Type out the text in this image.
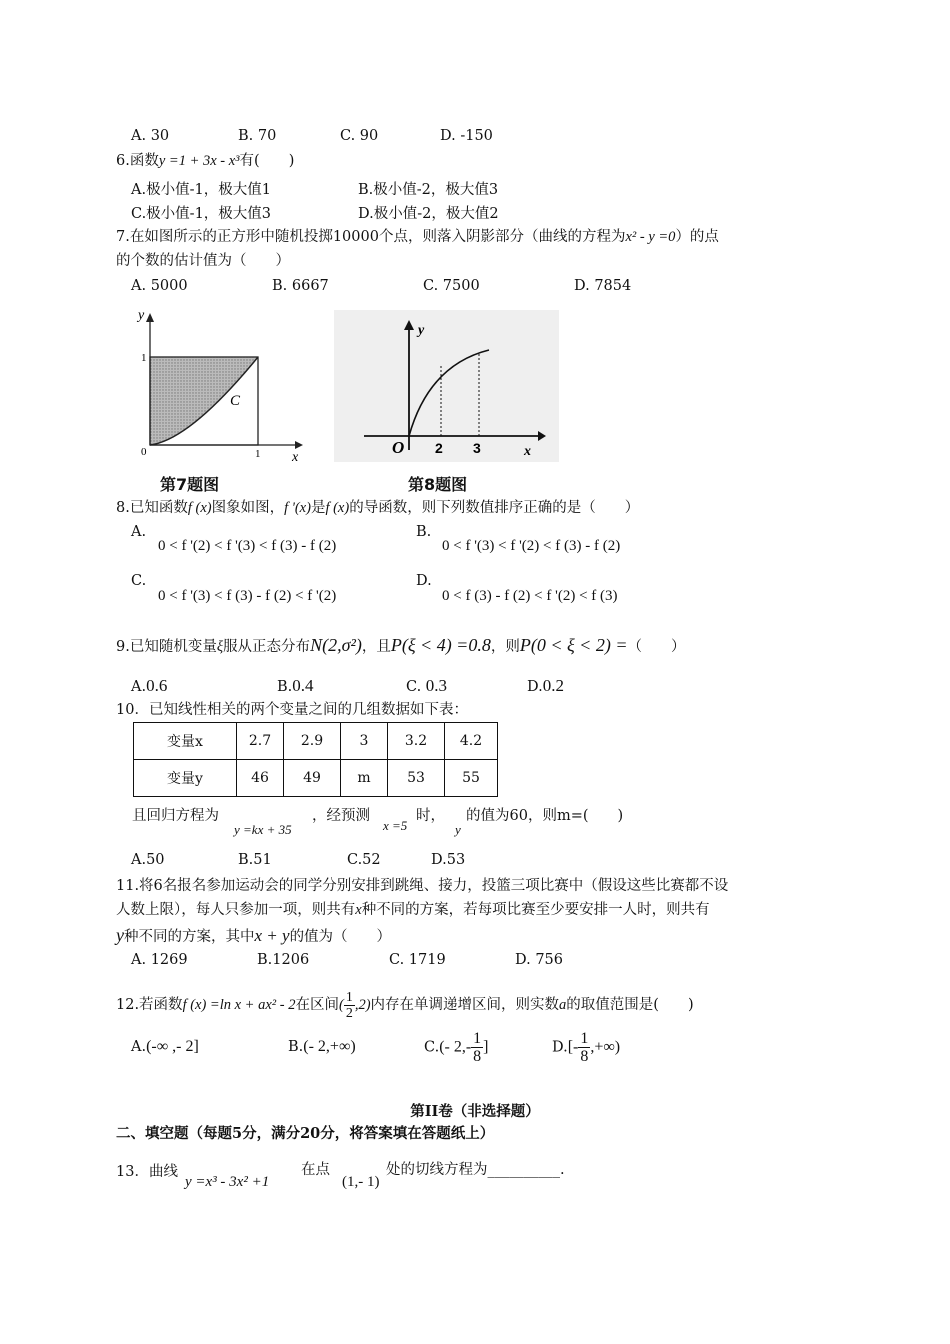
A. 30	B. 70	C. 90	D. -150
6.函数y =1 + 3x - x³有(　　)
A.极小值-1，极大值1	B.极小值-2，极大值3
C.极小值-1，极大值3	D.极小值-2，极大值2
7.在如图所示的正方形中随机投掷10000个点，则落入阴影部分（曲线的方程为x² - y =0）的点
的个数的估计值为（　　）
A. 5000	B. 6667	C. 7500	D. 7854
y
x
1
0	1
C
第7题图
y
x
O 2 3
第8题图
8.已知函数f (x)图象如图，f '(x)是f (x)的导函数，则下列数值排序正确的是（　　）
A.
0 < f '(2) < f '(3) < f (3) - f (2)
B.
0 < f '(3) < f '(2) < f (3) - f (2)
C.
0 < f '(3) < f (3) - f (2) < f '(2)
D.
0 < f (3) - f (2) < f '(2) < f (3)
9.已知随机变量ξ服从正态分布N(2,σ²)，且P(ξ < 4) =0.8，则P(0 < ξ < 2) =（　　）
A.0.6	B.0.4	C. 0.3	D.0.2
10．已知线性相关的两个变量之间的几组数据如下表：
变量x	2.7	2.9	3	3.2	4.2
变量y	46	49	m	53	55
且回归方程为
y =kx + 35
，经预测
x =5
时，
y
的值为60，则m=(　　)
A.50	B.51	C.52	D.53
11.将6名报名参加运动会的同学分别安排到跳绳、接力，投篮三项比赛中（假设这些比赛都不设
人数上限），每人只参加一项，则共有x种不同的方案，若每项比赛至少要安排一人时，则共有
y种不同的方案，其中x + y的值为（　　）
A. 1269	B.1206	C. 1719	D. 756
12.若函数f (x) =ln x + ax² - 2在区间( $\frac{1}{2} ,2$)内存在单调递增区间，则实数a的取值范围是(　　)
A.(-∞ ,- 2]	B.(- 2,+∞)	C.(- $2,- \frac{1}{8}$ ]	$D.[- \frac{1}{8}$ ,+∞)
第II卷（非选择题）
二、填空题（每题5分，满分20分，将答案填在答题纸上）
13．曲线
y =x³ - 3x² +1
在点
(1,- 1)
处的切线方程为__________.
